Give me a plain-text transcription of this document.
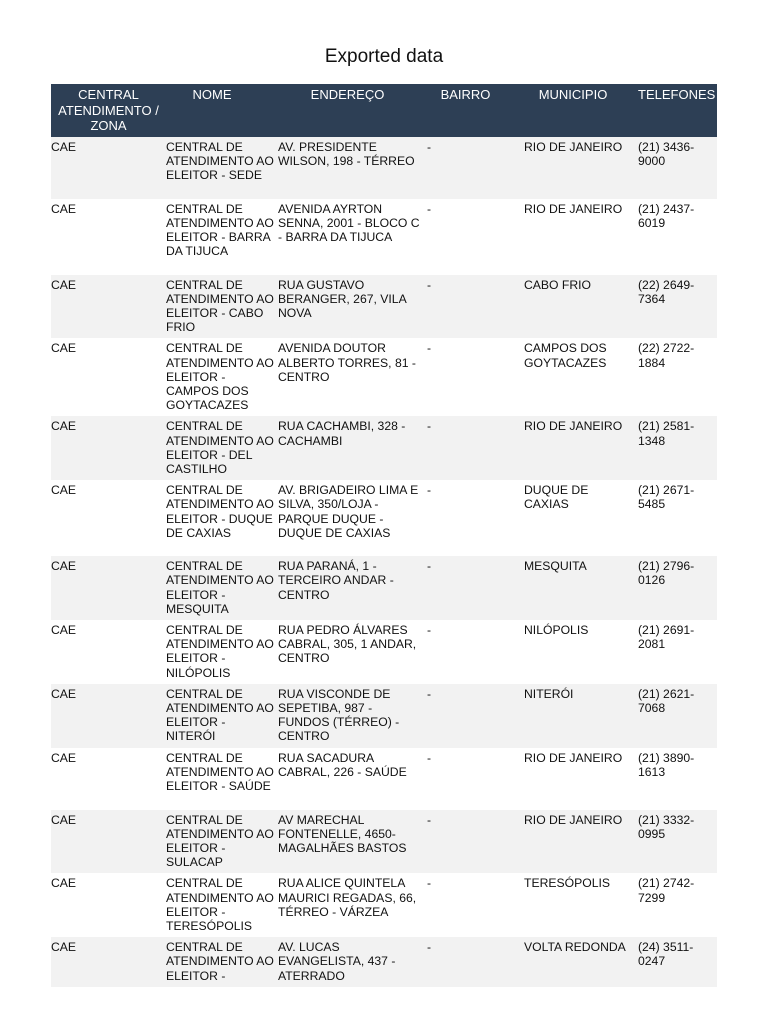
Exported data
CENTRAL ATENDIMENTO / ZONA	NOME	ENDEREÇO	BAIRRO	MUNICIPIO	TELEFONES
CAE	CENTRAL DE ATENDIMENTO AO ELEITOR - SEDE	AV. PRESIDENTE WILSON, 198 - TÉRREO	-	RIO DE JANEIRO	(21) 3436-9000
CAE	CENTRAL DE ATENDIMENTO AO ELEITOR - BARRA DA TIJUCA	AVENIDA AYRTON SENNA, 2001 - BLOCO C - BARRA DA TIJUCA	-	RIO DE JANEIRO	(21) 2437-6019
CAE	CENTRAL DE ATENDIMENTO AO ELEITOR - CABO FRIO	RUA GUSTAVO BERANGER, 267, VILA NOVA	-	CABO FRIO	(22) 2649-7364
CAE	CENTRAL DE ATENDIMENTO AO ELEITOR - CAMPOS DOS GOYTACAZES	AVENIDA DOUTOR ALBERTO TORRES, 81 - CENTRO	-	CAMPOS DOS GOYTACAZES	(22) 2722-1884
CAE	CENTRAL DE ATENDIMENTO AO ELEITOR - DEL CASTILHO	RUA CACHAMBI, 328 - CACHAMBI	-	RIO DE JANEIRO	(21) 2581-1348
CAE	CENTRAL DE ATENDIMENTO AO ELEITOR - DUQUE DE CAXIAS	AV. BRIGADEIRO LIMA E SILVA, 350/LOJA - PARQUE DUQUE - DUQUE DE CAXIAS	-	DUQUE DE CAXIAS	(21) 2671-5485
CAE	CENTRAL DE ATENDIMENTO AO ELEITOR - MESQUITA	RUA PARANÁ, 1 - TERCEIRO ANDAR - CENTRO	-	MESQUITA	(21) 2796-0126
CAE	CENTRAL DE ATENDIMENTO AO ELEITOR - NILÓPOLIS	RUA PEDRO ÁLVARES CABRAL, 305, 1 ANDAR, CENTRO	-	NILÓPOLIS	(21) 2691-2081
CAE	CENTRAL DE ATENDIMENTO AO ELEITOR - NITERÓI	RUA VISCONDE DE SEPETIBA, 987 - FUNDOS (TÉRREO) - CENTRO	-	NITERÓI	(21) 2621-7068
CAE	CENTRAL DE ATENDIMENTO AO ELEITOR - SAÚDE	RUA SACADURA CABRAL, 226 - SAÚDE	-	RIO DE JANEIRO	(21) 3890-1613
CAE	CENTRAL DE ATENDIMENTO AO ELEITOR - SULACAP	AV MARECHAL FONTENELLE, 4650- MAGALHÃES BASTOS	-	RIO DE JANEIRO	(21) 3332-0995
CAE	CENTRAL DE ATENDIMENTO AO ELEITOR - TERESÓPOLIS	RUA ALICE QUINTELA MAURICI REGADAS, 66, TÉRREO - VÁRZEA	-	TERESÓPOLIS	(21) 2742-7299
CAE	CENTRAL DE ATENDIMENTO AO ELEITOR -	AV. LUCAS EVANGELISTA, 437 - ATERRADO	-	VOLTA REDONDA	(24) 3511-0247
